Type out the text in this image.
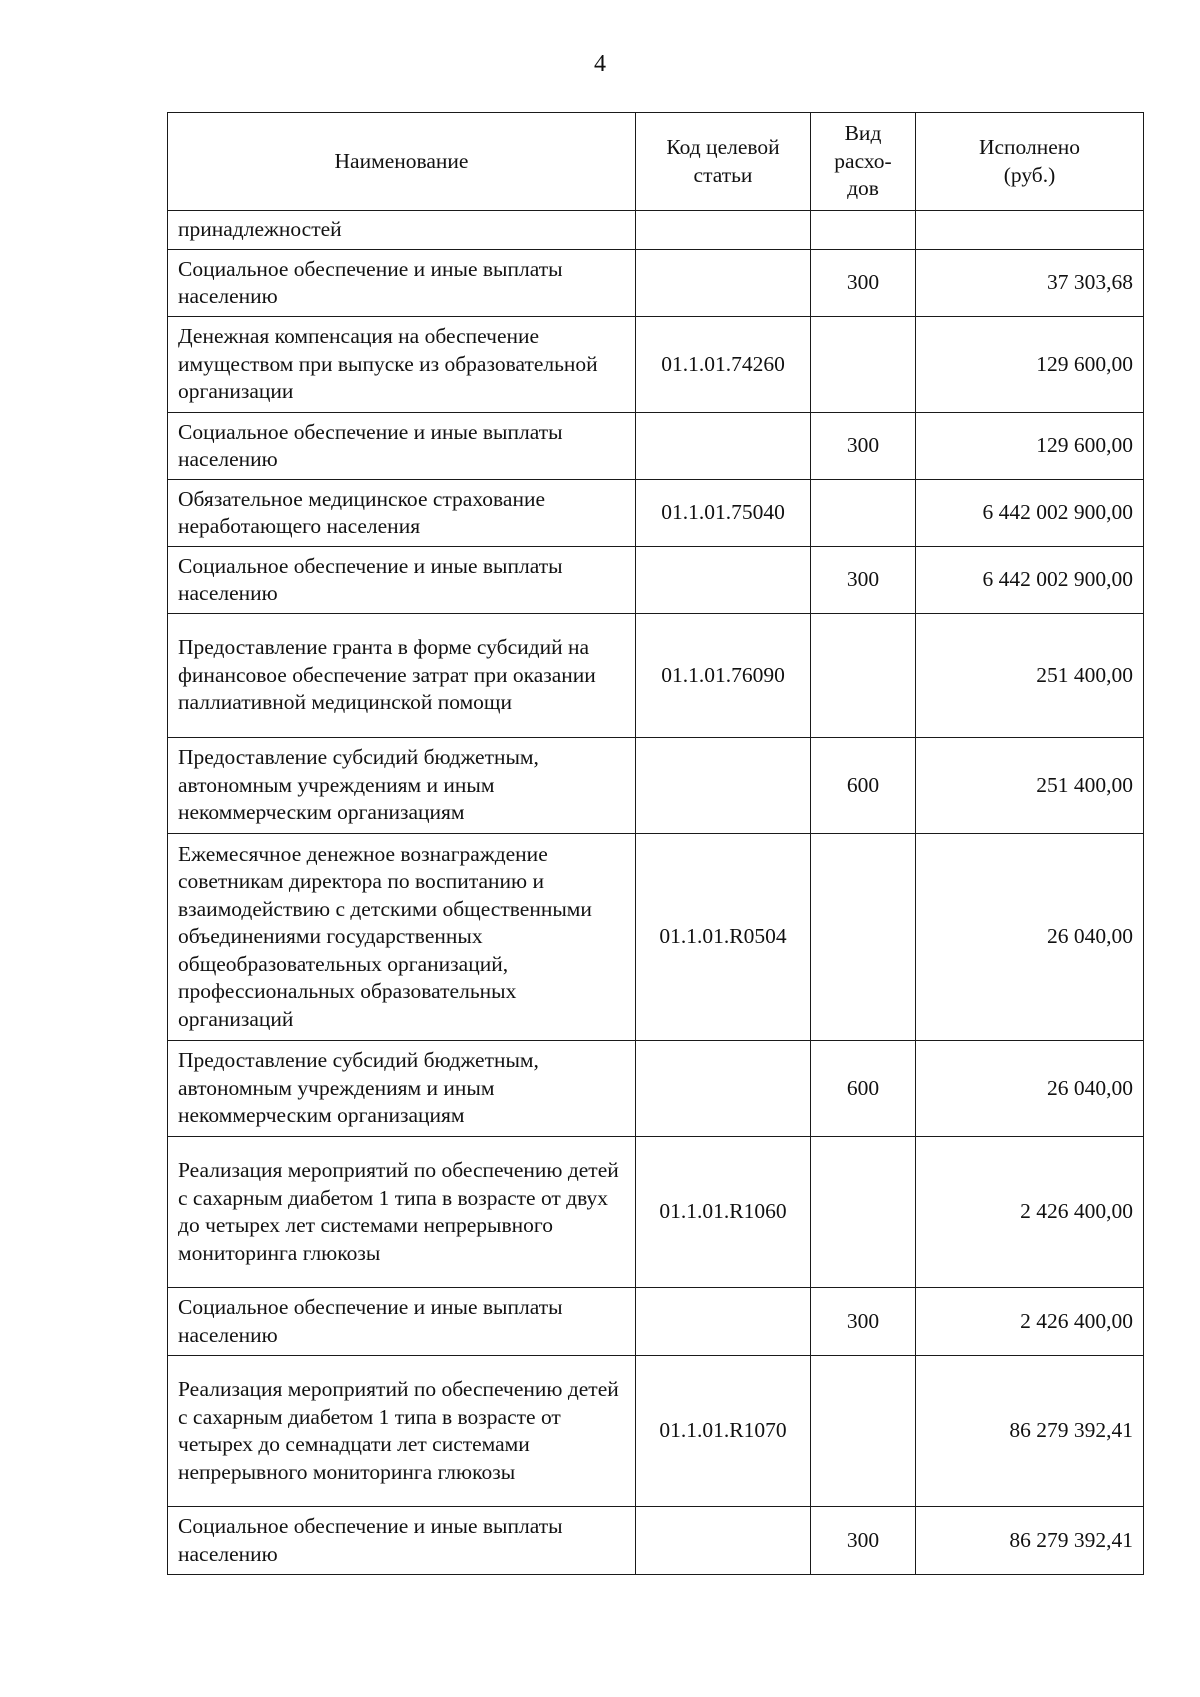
4
Наименование	Код целевой статьи	Вид расхо-дов	Исполнено (руб.)
принадлежностей			
Социальное обеспечение и иные выплаты населению		300	37 303,68
Денежная компенсация на обеспечение имуществом при выпуске из образовательной организации	01.1.01.74260		129 600,00
Социальное обеспечение и иные выплаты населению		300	129 600,00
Обязательное медицинское страхование неработающего населения	01.1.01.75040		6 442 002 900,00
Социальное обеспечение и иные выплаты населению		300	6 442 002 900,00
Предоставление гранта в форме субсидий на финансовое обеспечение затрат при оказании паллиативной медицинской помощи	01.1.01.76090		251 400,00
Предоставление субсидий бюджетным, автономным учреждениям и иным некоммерческим организациям		600	251 400,00
Ежемесячное денежное вознаграждение советникам директора по воспитанию и взаимодействию с детскими общественными объединениями государственных общеобразовательных организаций, профессиональных образовательных организаций	01.1.01.R0504		26 040,00
Предоставление субсидий бюджетным, автономным учреждениям и иным некоммерческим организациям		600	26 040,00
Реализация мероприятий по обеспечению детей с сахарным диабетом 1 типа в возрасте от двух до четырех лет системами непрерывного мониторинга глюкозы	01.1.01.R1060		2 426 400,00
Социальное обеспечение и иные выплаты населению		300	2 426 400,00
Реализация мероприятий по обеспечению детей с сахарным диабетом 1 типа в возрасте от четырех до семнадцати лет системами непрерывного мониторинга глюкозы	01.1.01.R1070		86 279 392,41
Социальное обеспечение и иные выплаты населению		300	86 279 392,41
